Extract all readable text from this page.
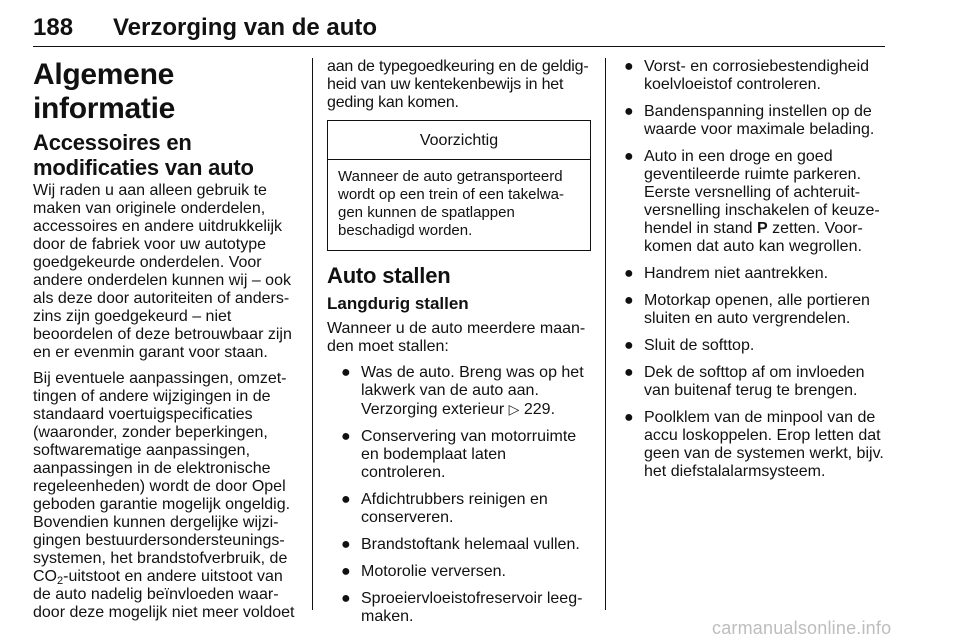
188 Verzorging van de auto
Algemene informatie
Accessoires en modificaties van auto

Wij raden u aan alleen gebruik te maken van originele onderdelen, accessoires en andere uitdrukkelijk door de fabriek voor uw autotype goedgekeurde onderdelen. Voor andere onderdelen kunnen wij – ook als deze door autoriteiten of anderszins zijn goedgekeurd – niet beoordelen of deze betrouwbaar zijn en er evenmin garant voor staan.

Bij eventuele aanpassingen, omzettingen of andere wijzigingen in de standaard voertuigspecificaties (waaronder, zonder beperkingen, softwarematige aanpassingen, aanpassingen in de elektronische regeleenheden) wordt de door Opel geboden garantie mogelijk ongeldig. Bovendien kunnen dergelijke wijzigingen bestuurdersondersteuningssystemen, het brandstofverbruik, de $CO_2$-uitstoot en andere uitstoot van de auto nadelig beïnvloeden waardoor deze mogelijk niet meer voldoet

aan de typegoedkeuring en de geldigheid van uw kentekenbewijs in het geding kan komen.

Voorzichtig
Wanneer de auto getransporteerd wordt op een trein of een takelwagen kunnen de spatlappen beschadigd worden.
Auto stallen
Langdurig stallen

Wanneer u de auto meerdere maanden moet stallen:

● Was de auto. Breng was op het lakwerk van de auto aan. Verzorging exterieur ▷ 229.
● Conservering van motorruimte en bodemplaat laten controleren.
● Afdichtrubbers reinigen en conserveren.
● Brandstoftank helemaal vullen.
● Motorolie verversen.
● Sproeiervloeistofreservoir leegmaken.
● Vorst- en corrosiebestendigheid koelvloeistof controleren.
● Bandenspanning instellen op de waarde voor maximale belading.
● Auto in een droge en goed geventileerde ruimte parkeren. Eerste versnelling of achteruitversnelling inschakelen of keuzehendel in stand P zetten. Voorkomen dat auto kan wegrollen.
● Handrem niet aantrekken.
● Motorkap openen, alle portieren sluiten en auto vergrendelen.
● Sluit de softtop.
● Dek de softtop af om invloeden van buitenaf terug te brengen.
● Poolklem van de minpool van de accu loskoppelen. Erop letten dat geen van de systemen werkt, bijv. het diefstalalarmsysteem.
carmanualsonline.info
